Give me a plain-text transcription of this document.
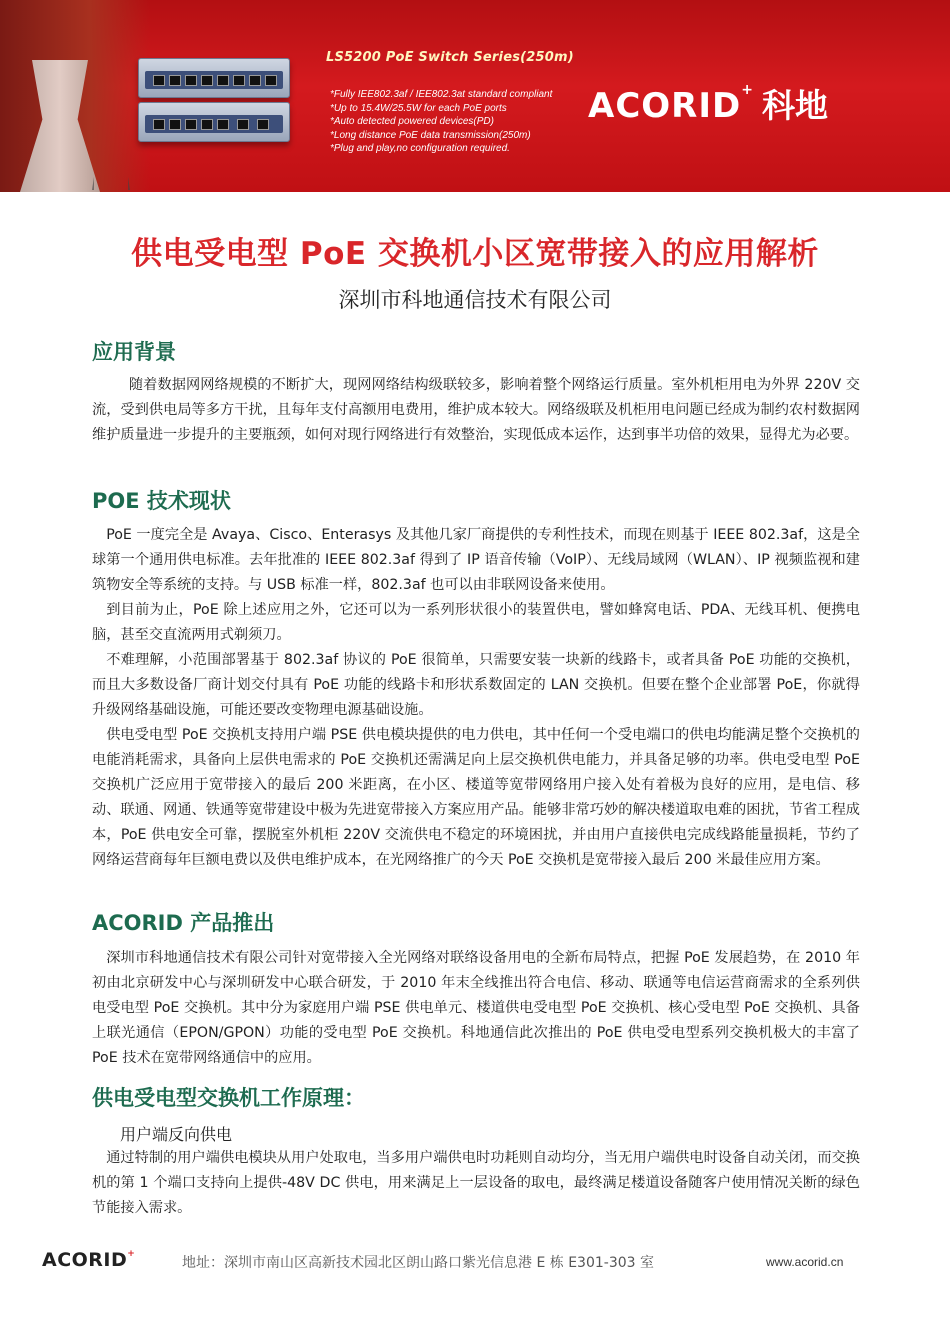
LS5200 PoE Switch Series(250m)
*Fully IEE802.3af / IEE802.3at standard compliant
*Up to 15.4W/25.5W for each PoE ports
*Auto detected powered devices(PD)
*Long distance PoE data transmission(250m)
*Plug and play,no configuration required.
ACORID+ 科地
供电受电型 PoE 交换机小区宽带接入的应用解析
深圳市科地通信技术有限公司
应用背景

随着数据网网络规模的不断扩大，现网网络结构级联较多，影响着整个网络运行质量。室外机柜用电为外界 220V 交流，受到供电局等多方干扰，且每年支付高额用电费用，维护成本较大。网络级联及机柜用电问题已经成为制约农村数据网维护质量进一步提升的主要瓶颈，如何对现行网络进行有效整治，实现低成本运作，达到事半功倍的效果，显得尤为必要。

POE 技术现状

PoE 一度完全是 Avaya、Cisco、Enterasys 及其他几家厂商提供的专利性技术，而现在则基于 IEEE 802.3af，这是全球第一个通用供电标准。去年批准的 IEEE 802.3af 得到了 IP 语音传输（VoIP）、无线局域网（WLAN）、IP 视频监视和建筑物安全等系统的支持。与 USB 标准一样，802.3af 也可以由非联网设备来使用。

到目前为止，PoE 除上述应用之外，它还可以为一系列形状很小的装置供电，譬如蜂窝电话、PDA、无线耳机、便携电脑，甚至交直流两用式剃须刀。

不难理解，小范围部署基于 802.3af 协议的 PoE 很简单，只需要安装一块新的线路卡，或者具备 PoE 功能的交换机，而且大多数设备厂商计划交付具有 PoE 功能的线路卡和形状系数固定的 LAN 交换机。但要在整个企业部署 PoE，你就得升级网络基础设施，可能还要改变物理电源基础设施。

供电受电型 PoE 交换机支持用户端 PSE 供电模块提供的电力供电，其中任何一个受电端口的供电均能满足整个交换机的电能消耗需求，具备向上层供电需求的 PoE 交换机还需满足向上层交换机供电能力，并具备足够的功率。供电受电型 PoE 交换机广泛应用于宽带接入的最后 200 米距离，在小区、楼道等宽带网络用户接入处有着极为良好的应用，是电信、移动、联通、网通、铁通等宽带建设中极为先进宽带接入方案应用产品。能够非常巧妙的解决楼道取电难的困扰，节省工程成本，PoE 供电安全可靠，摆脱室外机柜 220V 交流供电不稳定的环境困扰，并由用户直接供电完成线路能量损耗，节约了网络运营商每年巨额电费以及供电维护成本，在光网络推广的今天 PoE 交换机是宽带接入最后 200 米最佳应用方案。

ACORID 产品推出

深圳市科地通信技术有限公司针对宽带接入全光网络对联络设备用电的全新布局特点，把握 PoE 发展趋势，在 2010 年初由北京研发中心与深圳研发中心联合研发，于 2010 年末全线推出符合电信、移动、联通等电信运营商需求的全系列供电受电型 PoE 交换机。其中分为家庭用户端 PSE 供电单元、楼道供电受电型 PoE 交换机、核心受电型 PoE 交换机、具备上联光通信（EPON/GPON）功能的受电型 PoE 交换机。科地通信此次推出的 PoE 供电受电型系列交换机极大的丰富了 PoE 技术在宽带网络通信中的应用。

供电受电型交换机工作原理：
用户端反向供电

通过特制的用户端供电模块从用户处取电，当多用户端供电时功耗则自动均分，当无用户端供电时设备自动关闭，而交换机的第 1 个端口支持向上提供-48V DC 供电，用来满足上一层设备的取电，最终满足楼道设备随客户使用情况关断的绿色节能接入需求。

ACORID+
地址：深圳市南山区高新技术园北区朗山路口紫光信息港 E 栋 E301-303 室	www.acorid.cn
